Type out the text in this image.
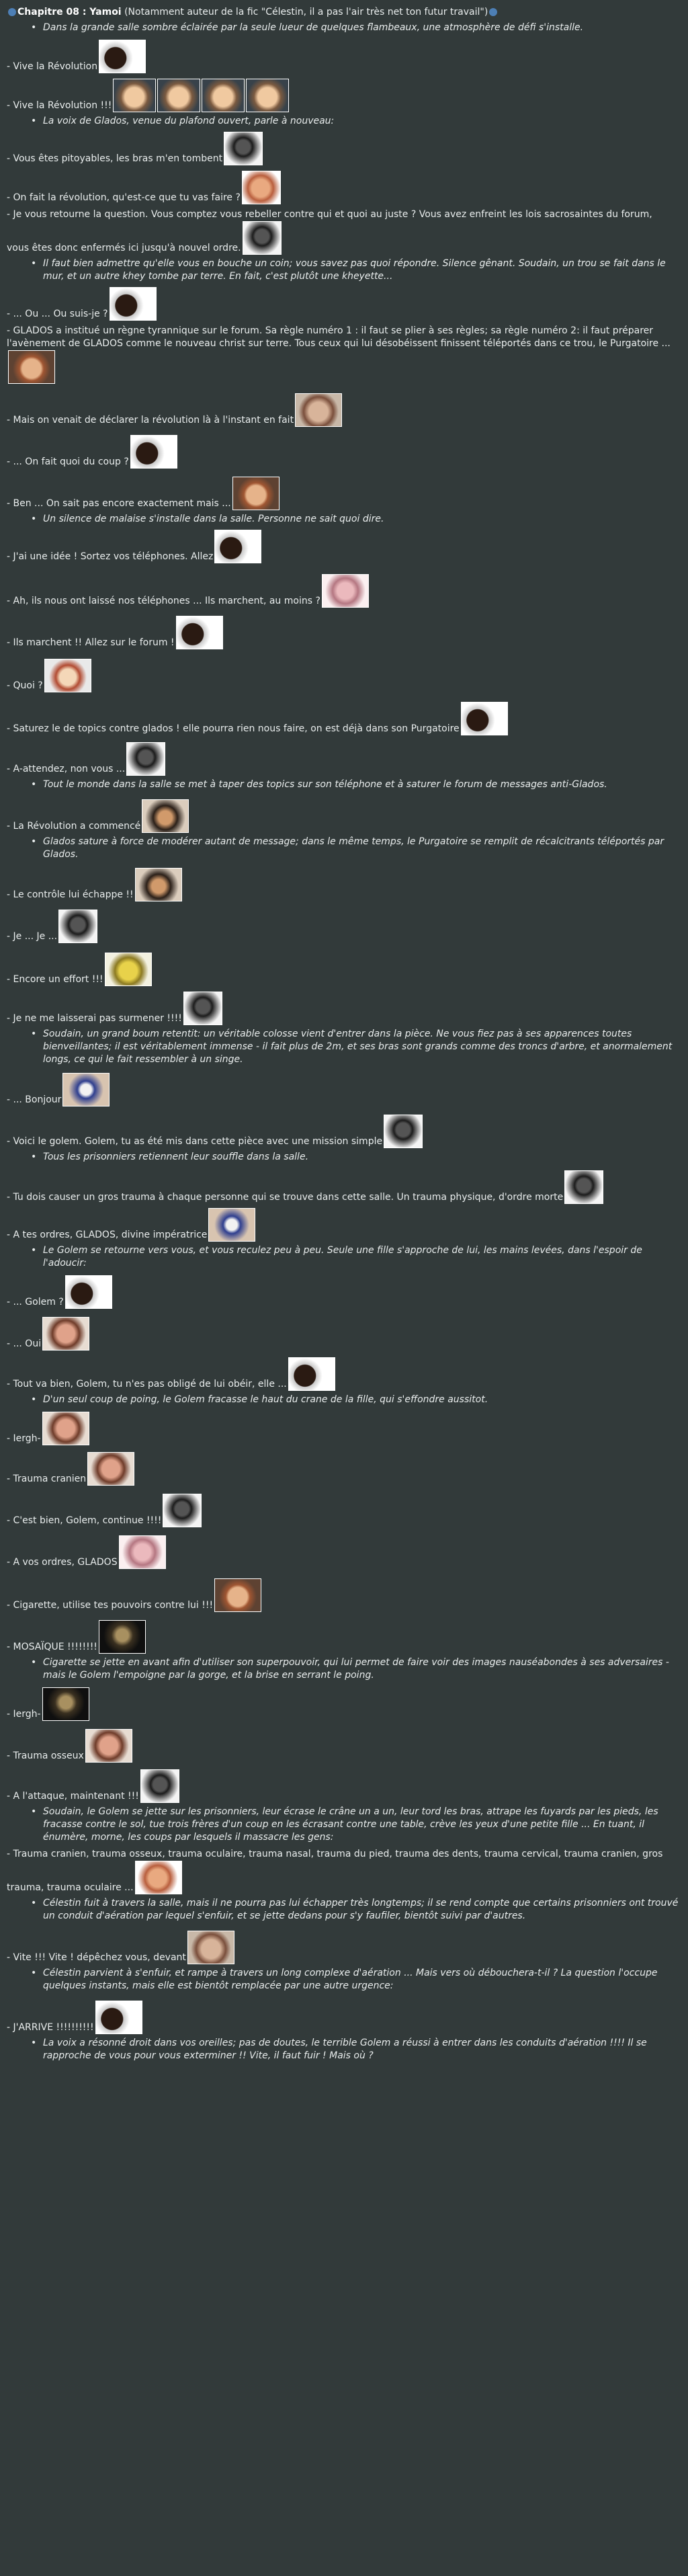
Chapitre 08 : Yamoi (Notamment auteur de la fic "Célestin, il a pas l'air très net ton futur travail")
• Dans la grande salle sombre éclairée par la seule lueur de quelques flambeaux, une atmosphère de défi s'installe.
- Vive la Révolution
- Vive la Révolution !!!
• La voix de Glados, venue du plafond ouvert, parle à nouveau:
- Vous êtes pitoyables, les bras m'en tombent
- On fait la révolution, qu'est-ce que tu vas faire ?
- Je vous retourne la question. Vous comptez vous rebeller contre qui et quoi au juste ? Vous avez enfreint les lois sacrosaintes du forum,
vous êtes donc enfermés ici jusqu'à nouvel ordre.
• Il faut bien admettre qu'elle vous en bouche un coin; vous savez pas quoi répondre. Silence gênant. Soudain, un trou se fait dans le mur, et un autre khey tombe par terre. En fait, c'est plutôt une kheyette...
- ... Ou ... Ou suis-je ?
- GLADOS a institué un règne tyrannique sur le forum. Sa règle numéro 1 : il faut se plier à ses règles; sa règle numéro 2: il faut préparer l'avènement de GLADOS comme le nouveau christ sur terre. Tous ceux qui lui désobéissent finissent téléportés dans ce trou, le Purgatoire ...
- Mais on venait de déclarer la révolution là à l'instant en fait
- ... On fait quoi du coup ?
- Ben ... On sait pas encore exactement mais ...
• Un silence de malaise s'installe dans la salle. Personne ne sait quoi dire.
- J'ai une idée ! Sortez vos téléphones. Allez
- Ah, ils nous ont laissé nos téléphones ... Ils marchent, au moins ?
- Ils marchent !! Allez sur le forum !
- Quoi ?
- Saturez le de topics contre glados ! elle pourra rien nous faire, on est déjà dans son Purgatoire
- A-attendez, non vous ...
• Tout le monde dans la salle se met à taper des topics sur son téléphone et à saturer le forum de messages anti-Glados.
- La Révolution a commencé
• Glados sature à force de modérer autant de message; dans le même temps, le Purgatoire se remplit de récalcitrants téléportés par Glados.
- Le contrôle lui échappe !!
- Je ... Je ...
- Encore un effort !!!
- Je ne me laisserai pas surmener !!!!
• Soudain, un grand boum retentit: un véritable colosse vient d'entrer dans la pièce. Ne vous fiez pas à ses apparences toutes bienveillantes; il est véritablement immense - il fait plus de 2m, et ses bras sont grands comme des troncs d'arbre, et anormalement longs, ce qui le fait ressembler à un singe.
- ... Bonjour
- Voici le golem. Golem, tu as été mis dans cette pièce avec une mission simple
• Tous les prisonniers retiennent leur souffle dans la salle.
- Tu dois causer un gros trauma à chaque personne qui se trouve dans cette salle. Un trauma physique, d'ordre morte
- A tes ordres, GLADOS, divine impératrice
• Le Golem se retourne vers vous, et vous reculez peu à peu. Seule une fille s'approche de lui, les mains levées, dans l'espoir de l'adoucir:
- ... Golem ?
- ... Oui
- Tout va bien, Golem, tu n'es pas obligé de lui obéir, elle ...
• D'un seul coup de poing, le Golem fracasse le haut du crane de la fille, qui s'effondre aussitot.
- Iergh-
- Trauma cranien
- C'est bien, Golem, continue !!!!
- A vos ordres, GLADOS
- Cigarette, utilise tes pouvoirs contre lui !!!
- MOSAÏQUE !!!!!!!!
• Cigarette se jette en avant afin d'utiliser son superpouvoir, qui lui permet de faire voir des images nauséabondes à ses adversaires - mais le Golem l'empoigne par la gorge, et la brise en serrant le poing.
- Iergh-
- Trauma osseux
- A l'attaque, maintenant !!!
• Soudain, le Golem se jette sur les prisonniers, leur écrase le crâne un a un, leur tord les bras, attrape les fuyards par les pieds, les fracasse contre le sol, tue trois frères d'un coup en les écrasant contre une table, crève les yeux d'une petite fille ... En tuant, il énumère, morne, les coups par lesquels il massacre les gens:
- Trauma cranien, trauma osseux, trauma oculaire, trauma nasal, trauma du pied, trauma des dents, trauma cervical, trauma cranien, gros
trauma, trauma oculaire ...
• Célestin fuit à travers la salle, mais il ne pourra pas lui échapper très longtemps; il se rend compte que certains prisonniers ont trouvé un conduit d'aération par lequel s'enfuir, et se jette dedans pour s'y faufiler, bientôt suivi par d'autres.
- Vite !!! Vite ! dépêchez vous, devant
• Célestin parvient à s'enfuir, et rampe à travers un long complexe d'aération ... Mais vers où débouchera-t-il ? La question l'occupe quelques instants, mais elle est bientôt remplacée par une autre urgence:
- J'ARRIVE !!!!!!!!!!
• La voix a résonné droit dans vos oreilles; pas de doutes, le terrible Golem a réussi à entrer dans les conduits d'aération !!!! Il se rapproche de vous pour vous exterminer !! Vite, il faut fuir ! Mais où ?
